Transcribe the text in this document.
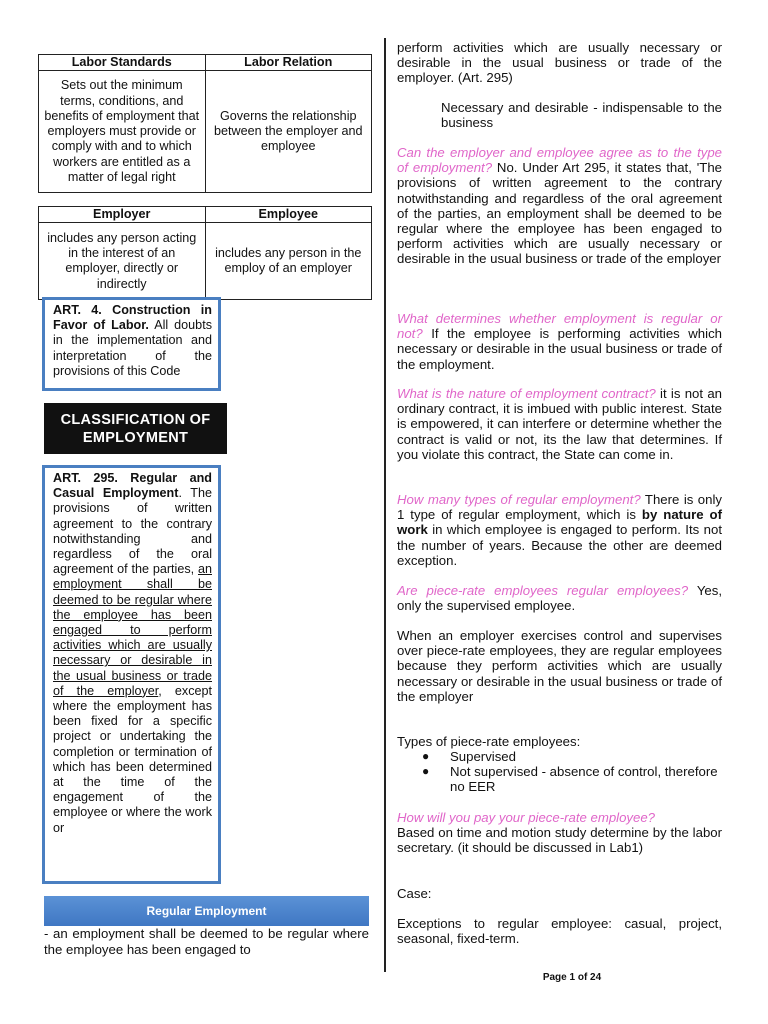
Labor Standards	Labor Relation
Sets out the minimum terms, conditions, and benefits of employment that employers must provide or comply with and to which workers are entitled as a matter of legal right	Governs the relationship between the employer and employee
Employer	Employee
includes any person acting in the interest of an employer, directly or indirectly	includes any person in the employ of an employer
ART. 4. Construction in Favor of Labor. All doubts in the implementation and interpretation of the provisions of this Code
CLASSIFICATION OF EMPLOYMENT
ART. 295. Regular and Casual Employment. The provisions of written agreement to the contrary notwithstanding and regardless of the oral agreement of the parties, an employment shall be deemed to be regular where the employee has been engaged to perform activities which are usually necessary or desirable in the usual business or trade of the employer, except where the employment has been fixed for a specific project or undertaking the completion or termination of which has been determined at the time of the engagement of the employee or where the work or
Regular Employment
- an employment shall be deemed to be regular where the employee has been engaged to

perform activities which are usually necessary or desirable in the usual business or trade of the employer. (Art. 295)

Necessary and desirable - indispensable to the business

Can the employer and employee agree as to the type of employment? No. Under Art 295, it states that, 'The provisions of written agreement to the contrary notwithstanding and regardless of the oral agreement of the parties, an employment shall be deemed to be regular where the employee has been engaged to perform activities which are usually necessary or desirable in the usual business or trade of the employer

What determines whether employment is regular or not? If the employee is performing activities which necessary or desirable in the usual business or trade of the employment.

What is the nature of employment contract? it is not an ordinary contract, it is imbued with public interest. State is empowered, it can interfere or determine whether the contract is valid or not, its the law that determines. If you violate this contract, the State can come in.

How many types of regular employment? There is only 1 type of regular employment, which is by nature of work in which employee is engaged to perform. Its not the number of years. Because the other are deemed exception.

Are piece-rate employees regular employees? Yes, only the supervised employee.

When an employer exercises control and supervises over piece-rate employees, they are regular employees because they perform activities which are usually necessary or desirable in the usual business or trade of the employer

Types of piece-rate employees:

● Supervised
● Not supervised - absence of control, therefore no EER

How will you pay your piece-rate employee?
Based on time and motion study determine by the labor secretary. (it should be discussed in Lab1)

Case:

Exceptions to regular employee: casual, project, seasonal, fixed-term.

Page 1 of 24
